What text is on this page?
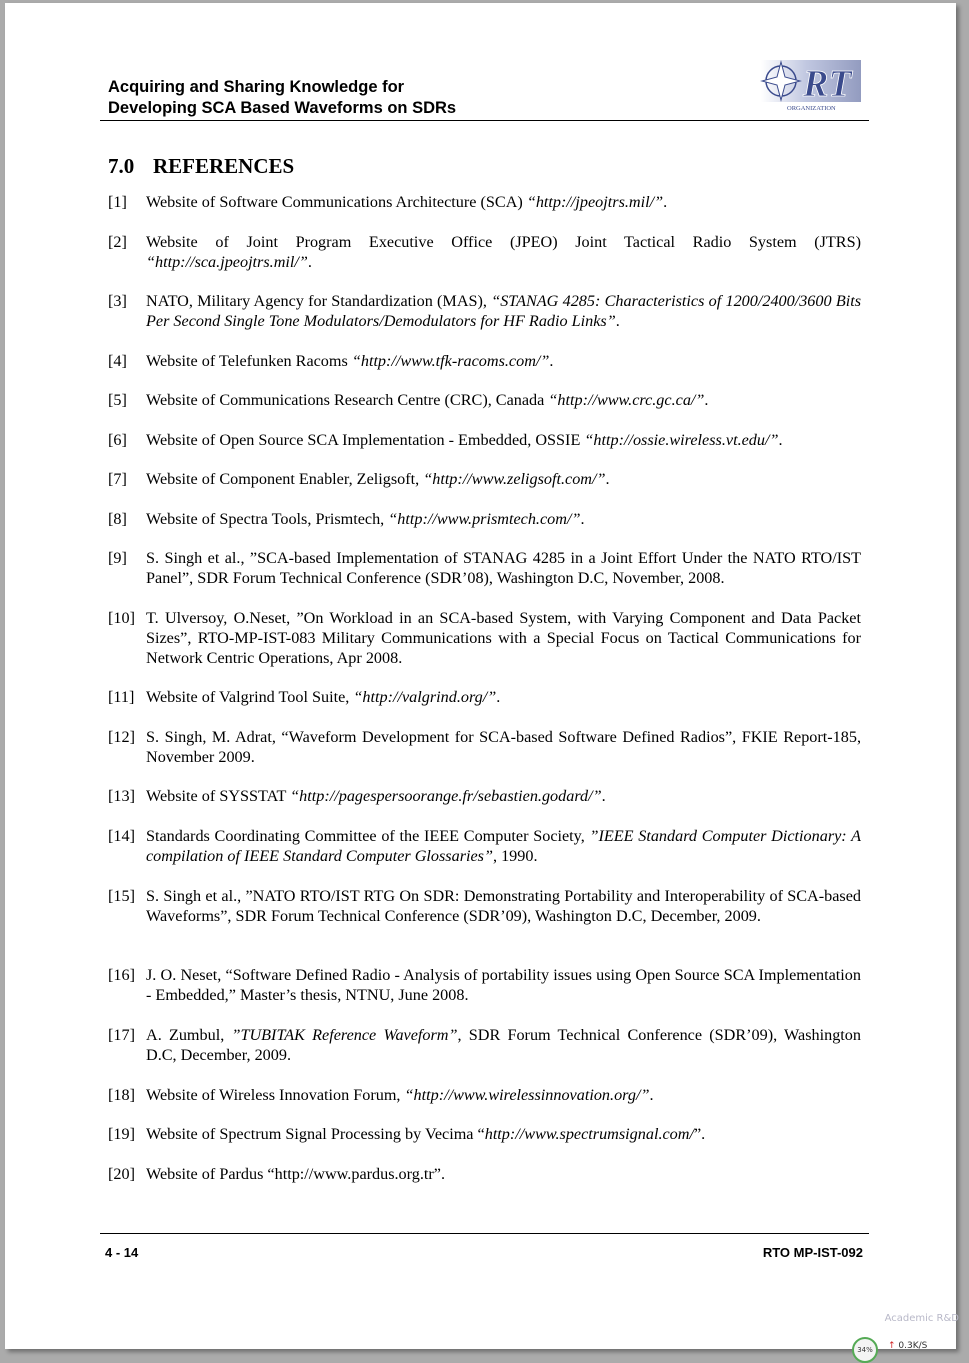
Acquiring and Sharing Knowledge for
Developing SCA Based Waveforms on SDRs
RT
ORGANIZATION
7.0 REFERENCES
[1] Website of Software Communications Architecture (SCA) “http://jpeojtrs.mil/”.
[2] Website of Joint Program Executive Office (JPEO) Joint Tactical Radio System (JTRS) “http://sca.jpeojtrs.mil/”.
[3] NATO, Military Agency for Standardization (MAS), “STANAG 4285: Characteristics of 1200/2400/3600 Bits Per Second Single Tone Modulators/Demodulators for HF Radio Links”.
[4] Website of Telefunken Racoms “http://www.tfk-racoms.com/”.
[5] Website of Communications Research Centre (CRC), Canada “http://www.crc.gc.ca/”.
[6] Website of Open Source SCA Implementation - Embedded, OSSIE “http://ossie.wireless.vt.edu/”.
[7] Website of Component Enabler, Zeligsoft, “http://www.zeligsoft.com/”.
[8] Website of Spectra Tools, Prismtech, “http://www.prismtech.com/”.
[9] S. Singh et al., ”SCA-based Implementation of STANAG 4285 in a Joint Effort Under the NATO RTO/IST Panel”, SDR Forum Technical Conference (SDR’08), Washington D.C, November, 2008.
[10] T. Ulversoy, O.Neset, ”On Workload in an SCA-based System, with Varying Component and Data Packet Sizes”, RTO-MP-IST-083 Military Communications with a Special Focus on Tactical Communications for Network Centric Operations, Apr 2008.
[11] Website of Valgrind Tool Suite, “http://valgrind.org/”.
[12] S. Singh, M. Adrat, “Waveform Development for SCA-based Software Defined Radios”, FKIE Report-185, November 2009.
[13] Website of SYSSTAT “http://pagespersoorange.fr/sebastien.godard/”.
[14] Standards Coordinating Committee of the IEEE Computer Society, ”IEEE Standard Computer Dictionary: A compilation of IEEE Standard Computer Glossaries”, 1990.
[15] S. Singh et al., ”NATO RTO/IST RTG On SDR: Demonstrating Portability and Interoperability of SCA-based Waveforms”, SDR Forum Technical Conference (SDR’09), Washington D.C, December, 2009.
[16] J. O. Neset, “Software Defined Radio - Analysis of portability issues using Open Source SCA Implementation - Embedded,” Master’s thesis, NTNU, June 2008.
[17] A. Zumbul, ”TUBITAK Reference Waveform”, SDR Forum Technical Conference (SDR’09), Washington D.C, December, 2009.
[18] Website of Wireless Innovation Forum, “http://www.wirelessinnovation.org/”.
[19] Website of Spectrum Signal Processing by Vecima “http://www.spectrumsignal.com/”.
[20] Website of Pardus “http://www.pardus.org.tr”.
4 - 14	RTO MP-IST-092
Academic R&D
34%	↑ 0.3K/S
